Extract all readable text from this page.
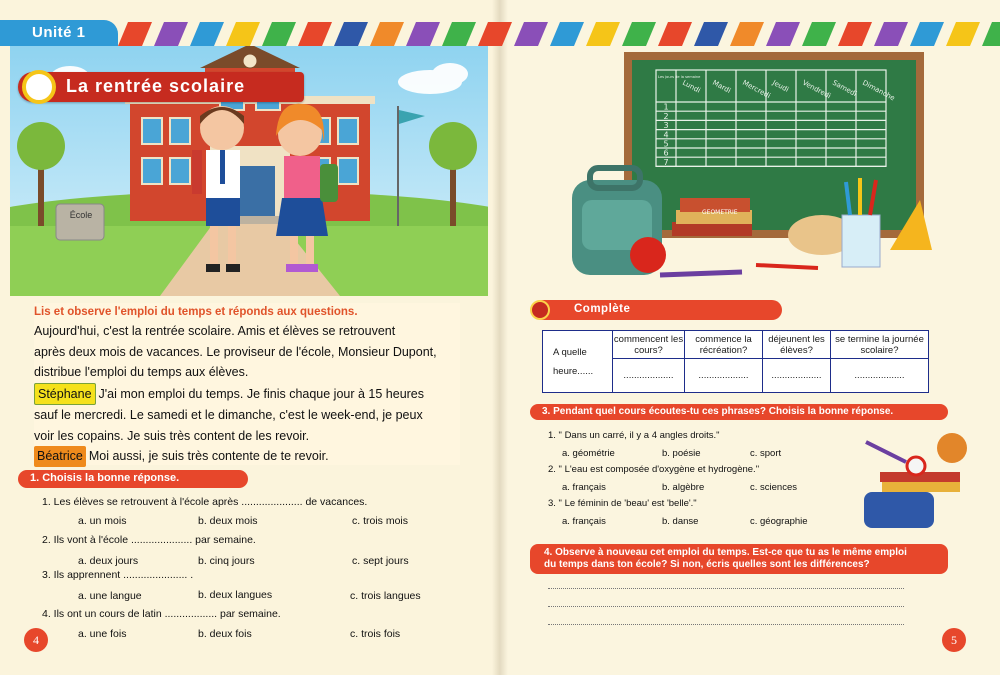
Unité 1
École
La rentrée scolaire
Lis et observe l'emploi du temps et réponds aux questions.

Aujourd'hui, c'est la rentrée scolaire. Amis et élèves se retrouvent

après deux mois de vacances. Le proviseur de l'école, Monsieur Dupont,

distribue l'emploi du temps aux élèves.

Stéphane J'ai mon emploi du temps. Je finis chaque jour à 15 heures

sauf le mercredi. Le samedi et le dimanche, c'est le week-end, je peux

voir les copains. Je suis très content de les revoir.

Béatrice Moi aussi, je suis très contente de te revoir.

1. Choisis la bonne réponse.
1. Les élèves se retrouvent à l'école après ..................... de vacances.
a. un mois	b. deux mois	c. trois mois
2. Ils vont à l'école ..................... par semaine.
a. deux jours	b. cinq jours	c. sept jours
3. Ils apprennent ...................... .
a. une langue	b. deux langues	c. trois langues
4. Ils ont un cours de latin .................. par semaine.
a. une fois	b. deux fois	c. trois fois
4
Lundi Mardi Mercredi Jeudi Vendredi
Samedi Dimanche
1
2
3
4
5
6
7
Les jours de la semaine
GEOMETRIE
Complète
A quelle
heure......	commencent les cours?	commence la récréation?	déjeunent les élèves?	se termine la journée scolaire?
	...................	...................	...................	...................
3. Pendant quel cours écoutes-tu ces phrases? Choisis la bonne réponse.
1. " Dans un carré, il y a 4 angles droits."
a. géométrie	b. poésie	c. sport
2. " L'eau est composée d'oxygène et hydrogène."
a. français	b. algèbre	c. sciences
3. " Le féminin de 'beau' est 'belle'."
a. français	b. danse	c. géographie
4. Observe à nouveau cet emploi du temps. Est-ce que tu as le même emploi
du temps dans ton école? Si non, écris quelles sont les différences?
5
